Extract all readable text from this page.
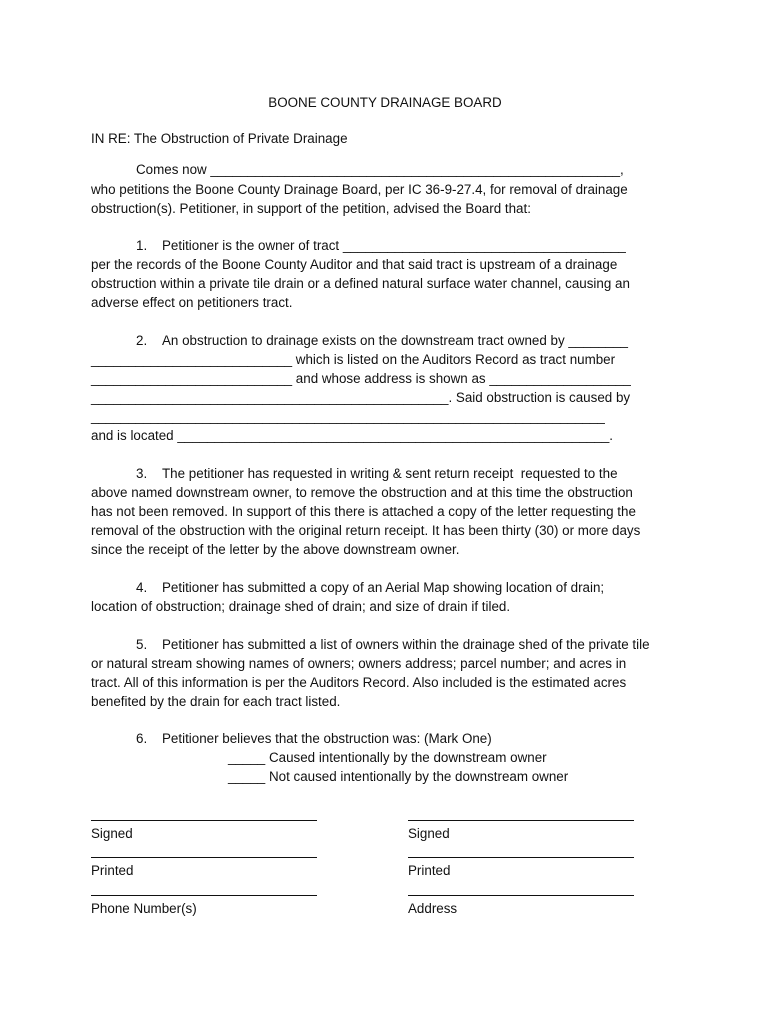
BOONE COUNTY DRAINAGE BOARD
IN RE: The Obstruction of Private Drainage
Comes now _______________________________________________________,
who petitions the Boone County Drainage Board, per IC 36-9-27.4, for removal of drainage
obstruction(s). Petitioner, in support of the petition, advised the Board that:
1. Petitioner is the owner of tract ______________________________________
per the records of the Boone County Auditor and that said tract is upstream of a drainage
obstruction within a private tile drain or a defined natural surface water channel, causing an
adverse effect on petitioners tract.
2. An obstruction to drainage exists on the downstream tract owned by ________
___________________________ which is listed on the Auditors Record as tract number
___________________________ and whose address is shown as ___________________
________________________________________________. Said obstruction is caused by
_____________________________________________________________________
and is located __________________________________________________________.
3. The petitioner has requested in writing & sent return receipt  requested to the
above named downstream owner, to remove the obstruction and at this time the obstruction
has not been removed. In support of this there is attached a copy of the letter requesting the
removal of the obstruction with the original return receipt. It has been thirty (30) or more days
since the receipt of the letter by the above downstream owner.
4. Petitioner has submitted a copy of an Aerial Map showing location of drain;
location of obstruction; drainage shed of drain; and size of drain if tiled.
5. Petitioner has submitted a list of owners within the drainage shed of the private tile
or natural stream showing names of owners; owners address; parcel number; and acres in
tract. All of this information is per the Auditors Record. Also included is the estimated acres
benefited by the drain for each tract listed.
6. Petitioner believes that the obstruction was: (Mark One)
_____ Caused intentionally by the downstream owner
_____ Not caused intentionally by the downstream owner
Signed
Printed
Phone Number(s)
Signed
Printed
Address
